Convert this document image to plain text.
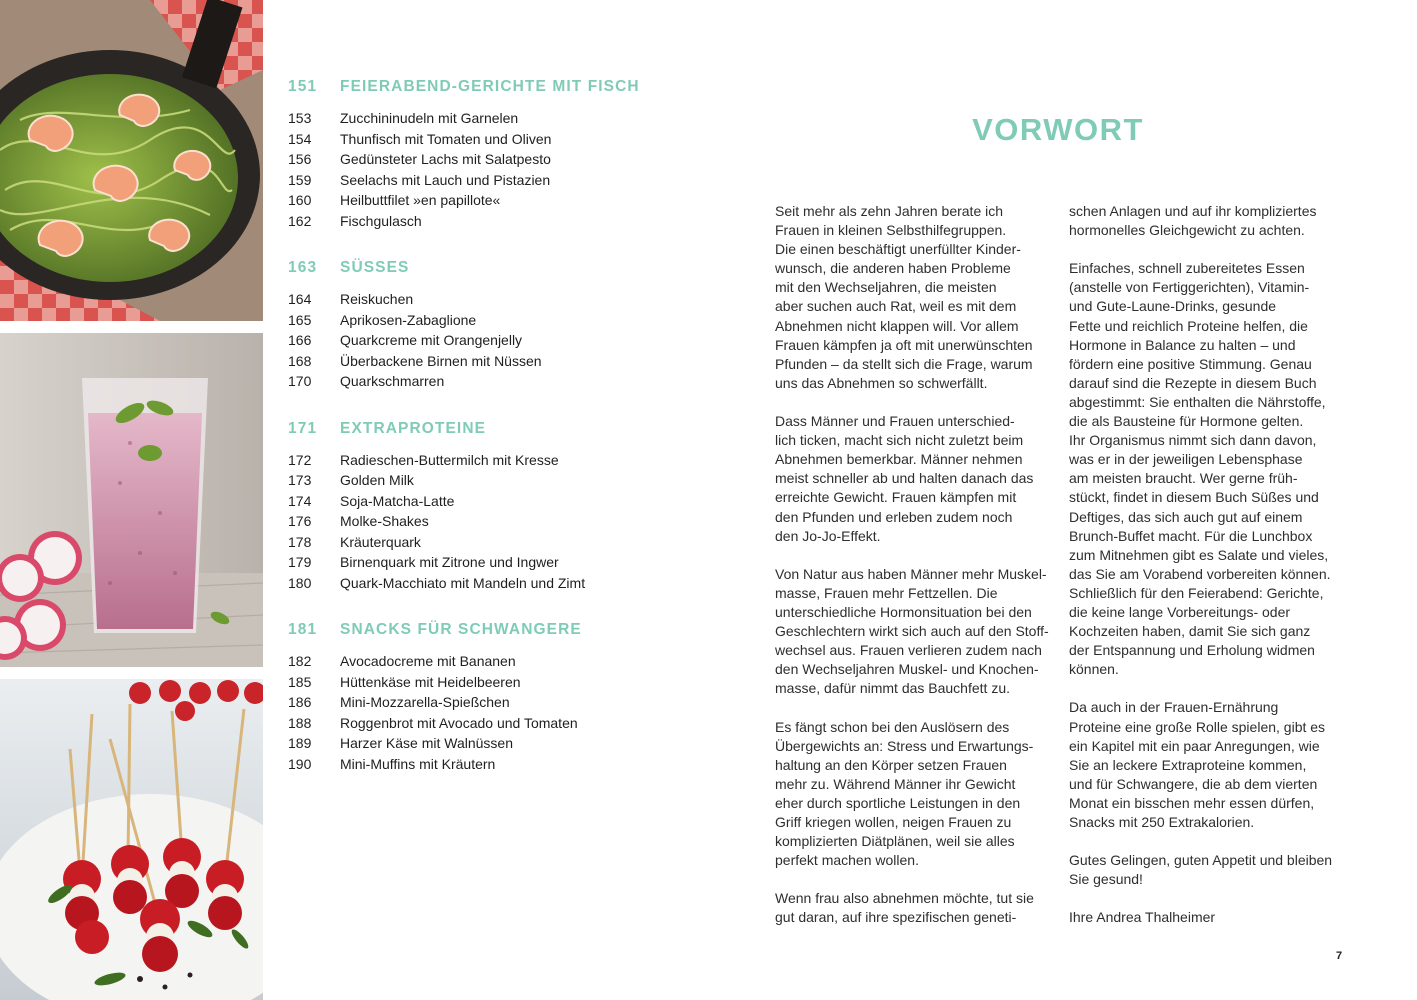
151	FEIERABEND-GERICHTE MIT FISCH
153	Zucchininudeln mit Garnelen
154	Thunfisch mit Tomaten und Oliven
156	Gedünsteter Lachs mit Salatpesto
159	Seelachs mit Lauch und Pistazien
160	Heilbuttfilet »en papillote«
162	Fischgulasch
163	SÜSSES
164	Reiskuchen
165	Aprikosen-Zabaglione
166	Quarkcreme mit Orangenjelly
168	Überbackene Birnen mit Nüssen
170	Quarkschmarren
171	EXTRAPROTEINE
172	Radieschen-Buttermilch mit Kresse
173	Golden Milk
174	Soja-Matcha-Latte
176	Molke-Shakes
178	Kräuterquark
179	Birnenquark mit Zitrone und Ingwer
180	Quark-Macchiato mit Mandeln und Zimt
181	SNACKS FÜR SCHWANGERE
182	Avocadocreme mit Bananen
185	Hüttenkäse mit Heidelbeeren
186	Mini-Mozzarella-Spießchen
188	Roggenbrot mit Avocado und Tomaten
189	Harzer Käse mit Walnüssen
190	Mini-Muffins mit Kräutern
VORWORT

Seit mehr als zehn Jahren berate ich
Frauen in kleinen Selbsthilfegruppen.
Die einen beschäftigt unerfüllter Kinder-
wunsch, die anderen haben Probleme
mit den Wechseljahren, die meisten
aber suchen auch Rat, weil es mit dem
Abnehmen nicht klappen will. Vor allem
Frauen kämpfen ja oft mit unerwünschten
Pfunden – da stellt sich die Frage, warum
uns das Abnehmen so schwerfällt.

Dass Männer und Frauen unterschied-
lich ticken, macht sich nicht zuletzt beim
Abnehmen bemerkbar. Männer nehmen
meist schneller ab und halten danach das
erreichte Gewicht. Frauen kämpfen mit
den Pfunden und erleben zudem noch
den Jo-Jo-Effekt.

Von Natur aus haben Männer mehr Muskel-
masse, Frauen mehr Fettzellen. Die
unterschiedliche Hormonsituation bei den
Geschlechtern wirkt sich auch auf den Stoff-
wechsel aus. Frauen verlieren zudem nach
den Wechseljahren Muskel- und Knochen-
masse, dafür nimmt das Bauchfett zu.

Es fängt schon bei den Auslösern des
Übergewichts an: Stress und Erwartungs-
haltung an den Körper setzen Frauen
mehr zu. Während Männer ihr Gewicht
eher durch sportliche Leistungen in den
Griff kriegen wollen, neigen Frauen zu
komplizierten Diätplänen, weil sie alles
perfekt machen wollen.

Wenn frau also abnehmen möchte, tut sie
gut daran, auf ihre spezifischen geneti-

schen Anlagen und auf ihr kompliziertes
hormonelles Gleichgewicht zu achten.

Einfaches, schnell zubereitetes Essen
(anstelle von Fertiggerichten), Vitamin-
und Gute-Laune-Drinks, gesunde
Fette und reichlich Proteine helfen, die
Hormone in Balance zu halten – und
fördern eine positive Stimmung. Genau
darauf sind die Rezepte in diesem Buch
abgestimmt: Sie enthalten die Nährstoffe,
die als Bausteine für Hormone gelten.
Ihr Organismus nimmt sich dann davon,
was er in der jeweiligen Lebensphase
am meisten braucht. Wer gerne früh-
stückt, findet in diesem Buch Süßes und
Deftiges, das sich auch gut auf einem
Brunch-Buffet macht. Für die Lunchbox
zum Mitnehmen gibt es Salate und vieles,
das Sie am Vorabend vorbereiten können.
Schließlich für den Feierabend: Gerichte,
die keine lange Vorbereitungs- oder
Kochzeiten haben, damit Sie sich ganz
der Entspannung und Erholung widmen
können.

Da auch in der Frauen-Ernährung
Proteine eine große Rolle spielen, gibt es
ein Kapitel mit ein paar Anregungen, wie
Sie an leckere Extraproteine kommen,
und für Schwangere, die ab dem vierten
Monat ein bisschen mehr essen dürfen,
Snacks mit 250 Extrakalorien.

Gutes Gelingen, guten Appetit und bleiben
Sie gesund!

Ihre Andrea Thalheimer

7
